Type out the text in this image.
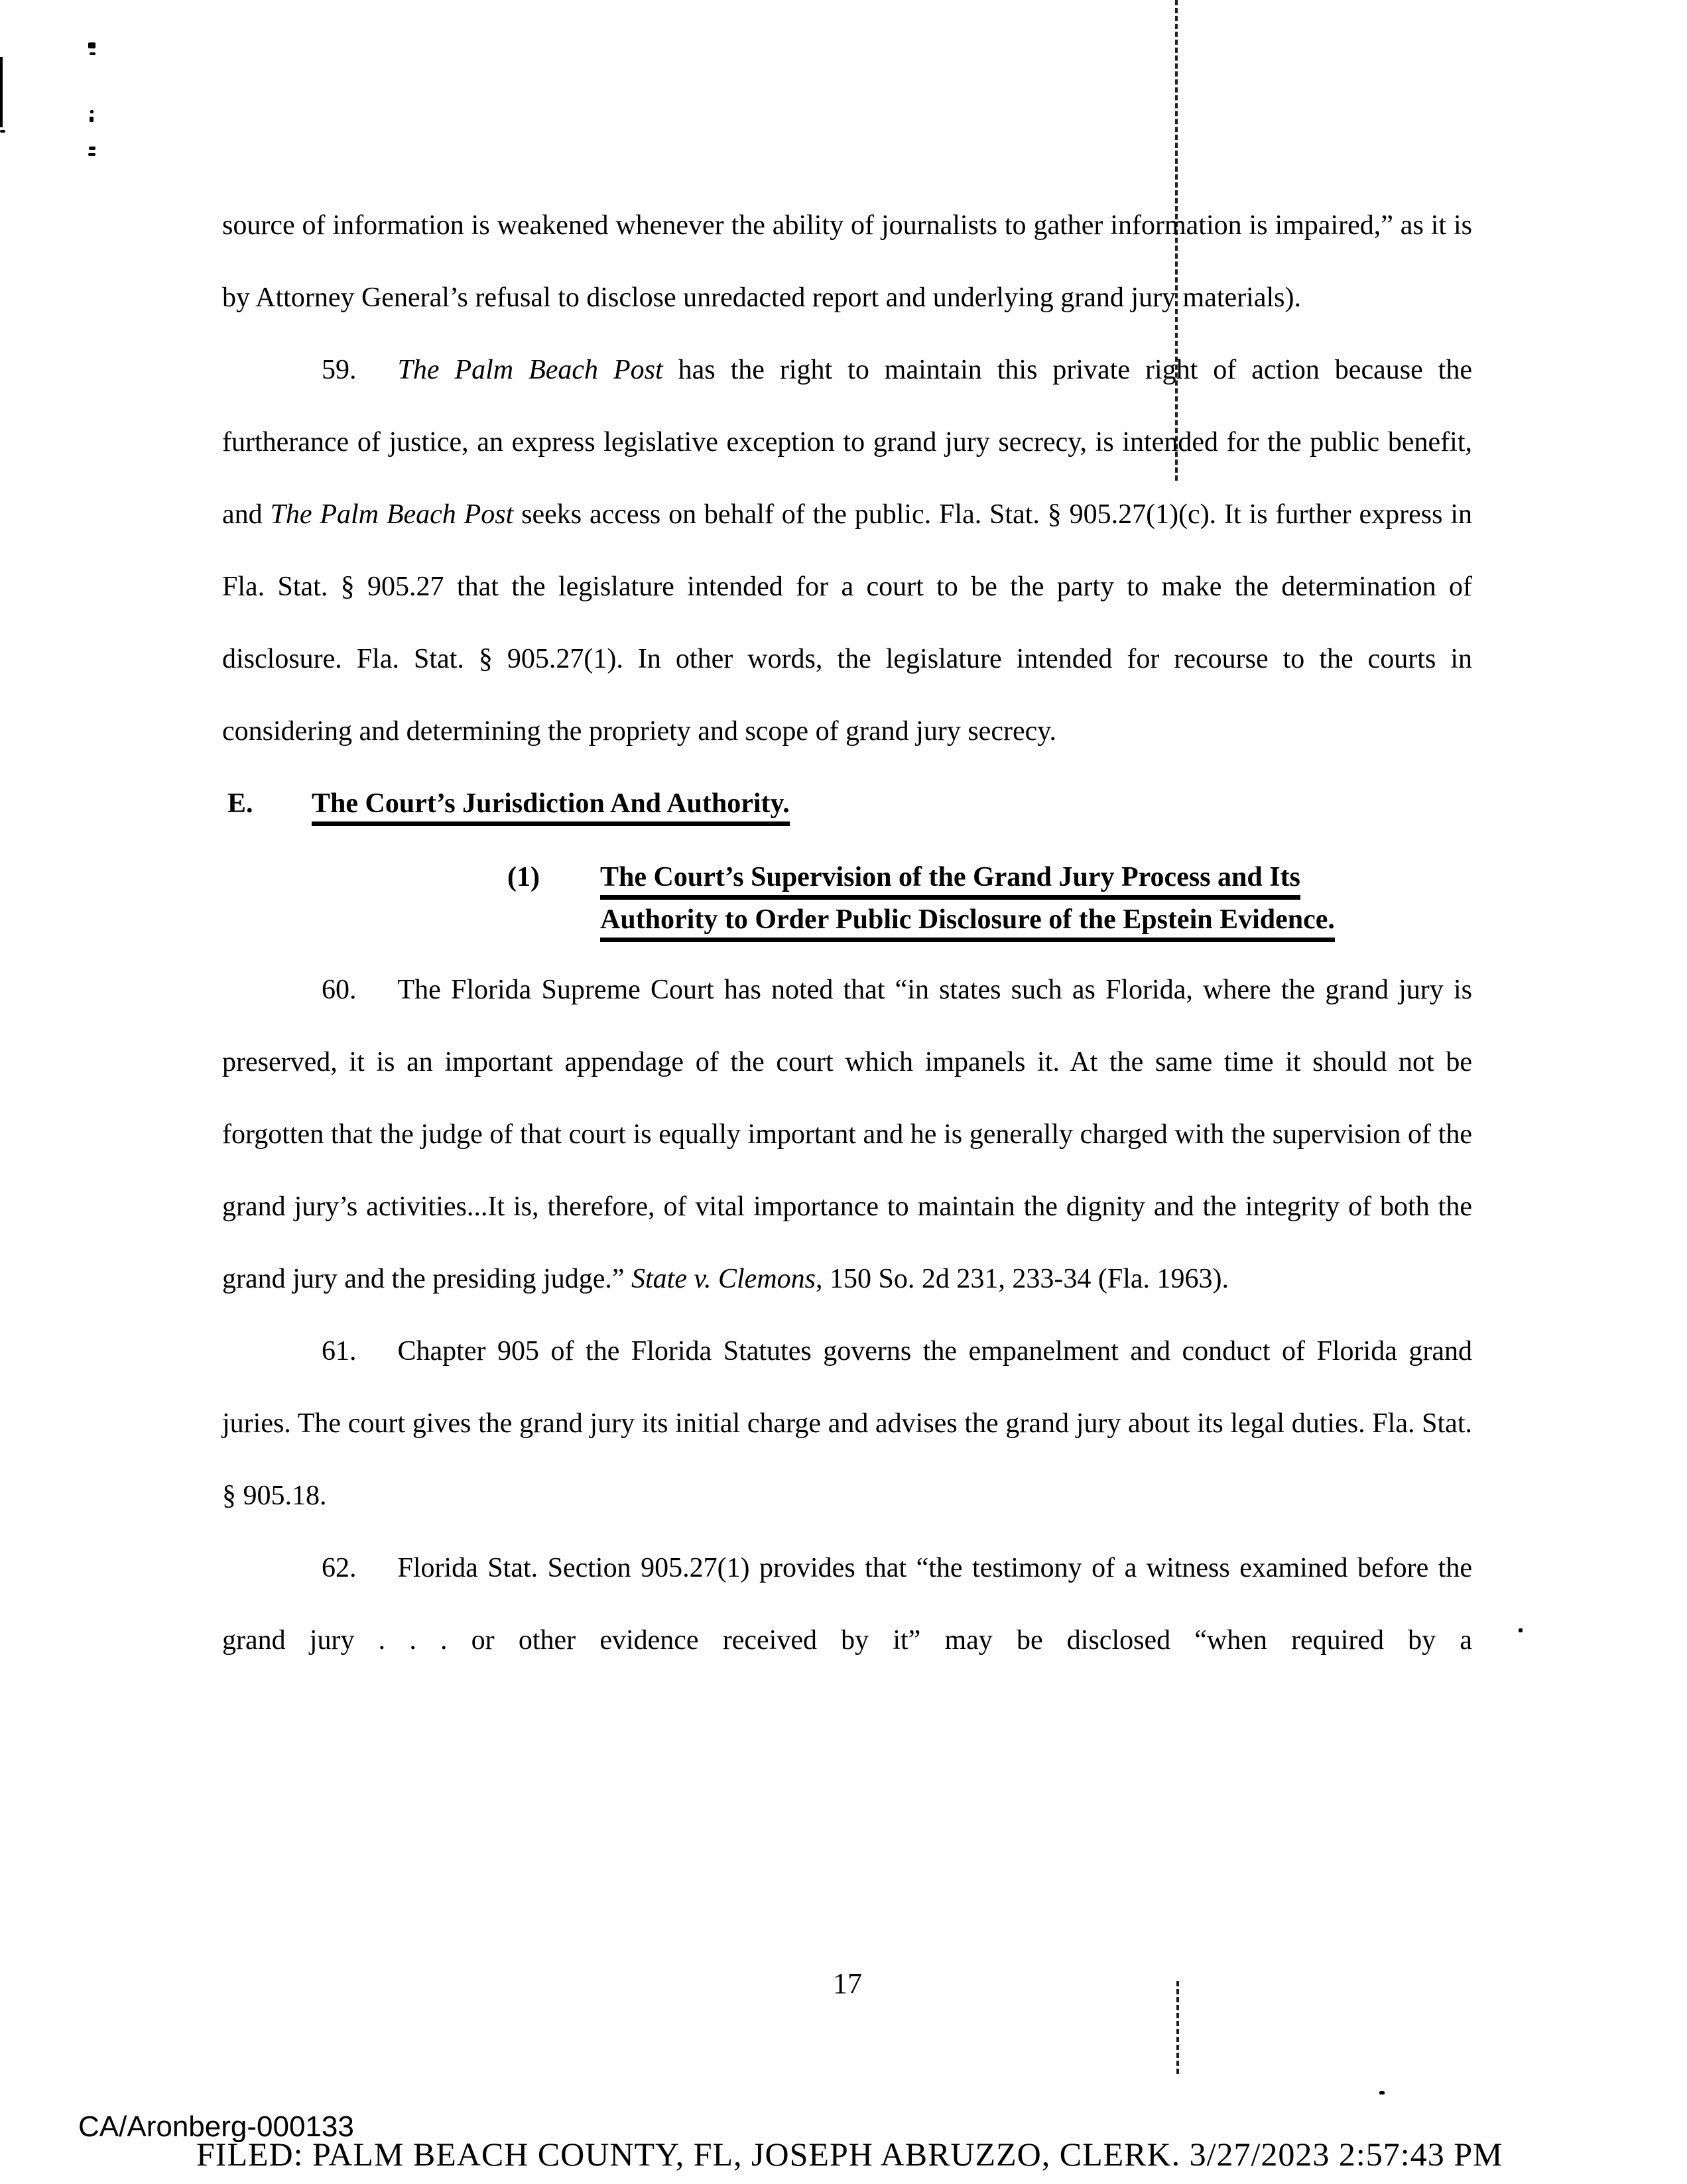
source of information is weakened whenever the ability of journalists to gather information is impaired,” as it is by Attorney General’s refusal to disclose unredacted report and underlying grand jury materials).

59. The Palm Beach Post has the right to maintain this private right of action because the furtherance of justice, an express legislative exception to grand jury secrecy, is intended for the public benefit, and The Palm Beach Post seeks access on behalf of the public. Fla. Stat. § 905.27(1)(c). It is further express in Fla. Stat. § 905.27 that the legislature intended for a court to be the party to make the determination of disclosure. Fla. Stat. § 905.27(1). In other words, the legislature intended for recourse to the courts in considering and determining the propriety and scope of grand jury secrecy.

E. The Court’s Jurisdiction And Authority.

(1)	The Court’s Supervision of the Grand Jury Process and Its
Authority to Order Public Disclosure of the Epstein Evidence.

60. The Florida Supreme Court has noted that “in states such as Florida, where the grand jury is preserved, it is an important appendage of the court which impanels it. At the same time it should not be forgotten that the judge of that court is equally important and he is generally charged with the supervision of the grand jury’s activities...It is, therefore, of vital importance to maintain the dignity and the integrity of both the grand jury and the presiding judge.” State v. Clemons, 150 So. 2d 231, 233-34 (Fla. 1963).

61. Chapter 905 of the Florida Statutes governs the empanelment and conduct of Florida grand juries. The court gives the grand jury its initial charge and advises the grand jury about its legal duties. Fla. Stat. § 905.18.

62. Florida Stat. Section 905.27(1) provides that “the testimony of a witness examined before the grand jury . . . or other evidence received by it” may be disclosed “when required by a

17
CA/Aronberg-000133
FILED: PALM BEACH COUNTY, FL, JOSEPH ABRUZZO, CLERK. 3/27/2023 2:57:43 PM
